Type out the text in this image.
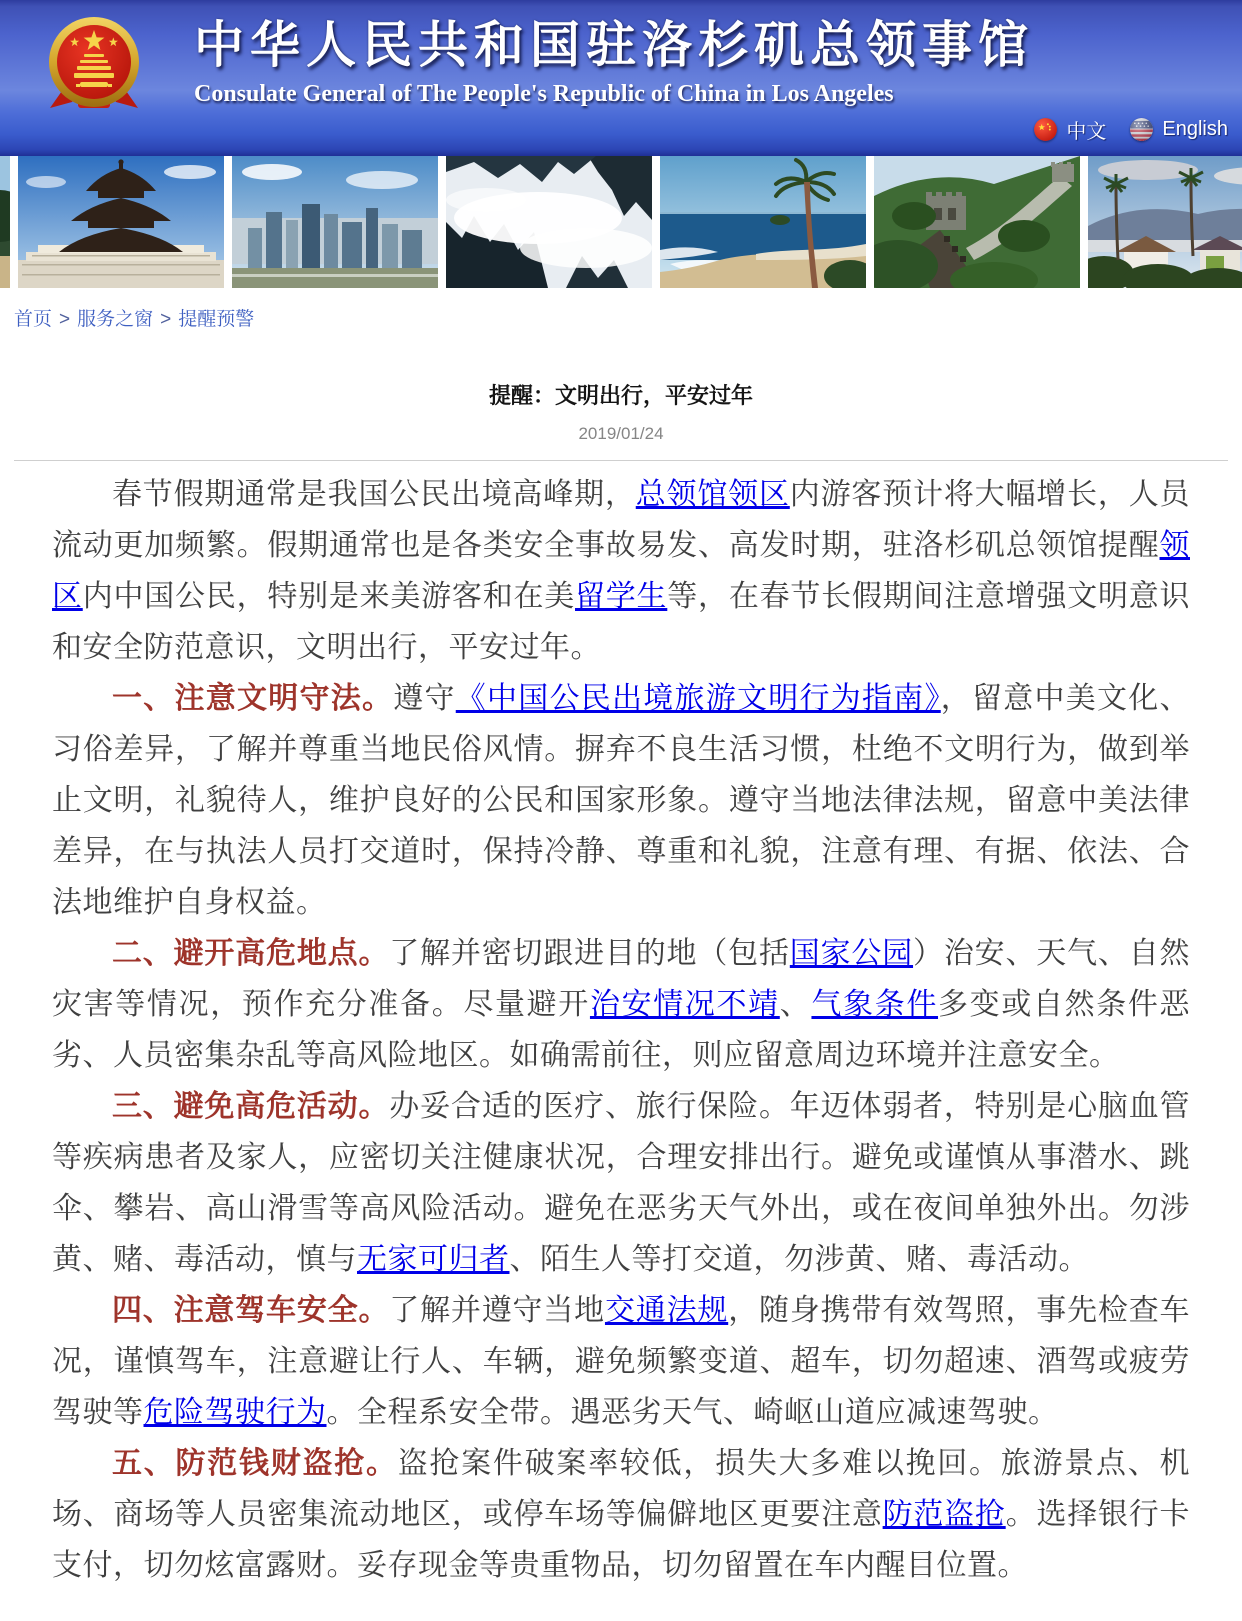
中华人民共和国驻洛杉矶总领事馆
Consulate General of The People's Republic of China in Los Angeles
中文	English
首页 > 服务之窗 > 提醒预警
提醒：文明出行，平安过年
2019/01/24

春节假期通常是我国公民出境高峰期，总领馆领区内游客预计将大幅增长，人员流动更加频繁。假期通常也是各类安全事故易发、高发时期，驻洛杉矶总领馆提醒领区内中国公民，特别是来美游客和在美留学生等，在春节长假期间注意增强文明意识和安全防范意识，文明出行，平安过年。

一、注意文明守法。遵守《中国公民出境旅游文明行为指南》，留意中美文化、习俗差异，了解并尊重当地民俗风情。摒弃不良生活习惯，杜绝不文明行为，做到举止文明，礼貌待人，维护良好的公民和国家形象。遵守当地法律法规，留意中美法律差异，在与执法人员打交道时，保持冷静、尊重和礼貌，注意有理、有据、依法、合法地维护自身权益。

二、避开高危地点。了解并密切跟进目的地（包括国家公园）治安、天气、自然灾害等情况，预作充分准备。尽量避开治安情况不靖、气象条件多变或自然条件恶劣、人员密集杂乱等高风险地区。如确需前往，则应留意周边环境并注意安全。

三、避免高危活动。办妥合适的医疗、旅行保险。年迈体弱者，特别是心脑血管等疾病患者及家人，应密切关注健康状况，合理安排出行。避免或谨慎从事潜水、跳伞、攀岩、高山滑雪等高风险活动。避免在恶劣天气外出，或在夜间单独外出。勿涉黄、赌、毒活动，慎与无家可归者、陌生人等打交道，勿涉黄、赌、毒活动。

四、注意驾车安全。了解并遵守当地交通法规，随身携带有效驾照，事先检查车况，谨慎驾车，注意避让行人、车辆，避免频繁变道、超车，切勿超速、酒驾或疲劳驾驶等危险驾驶行为。全程系安全带。遇恶劣天气、崎岖山道应减速驾驶。

五、防范钱财盗抢。盗抢案件破案率较低，损失大多难以挽回。旅游景点、机场、商场等人员密集流动地区，或停车场等偏僻地区更要注意防范盗抢。选择银行卡支付，切勿炫富露财。妥存现金等贵重物品，切勿留置在车内醒目位置。
